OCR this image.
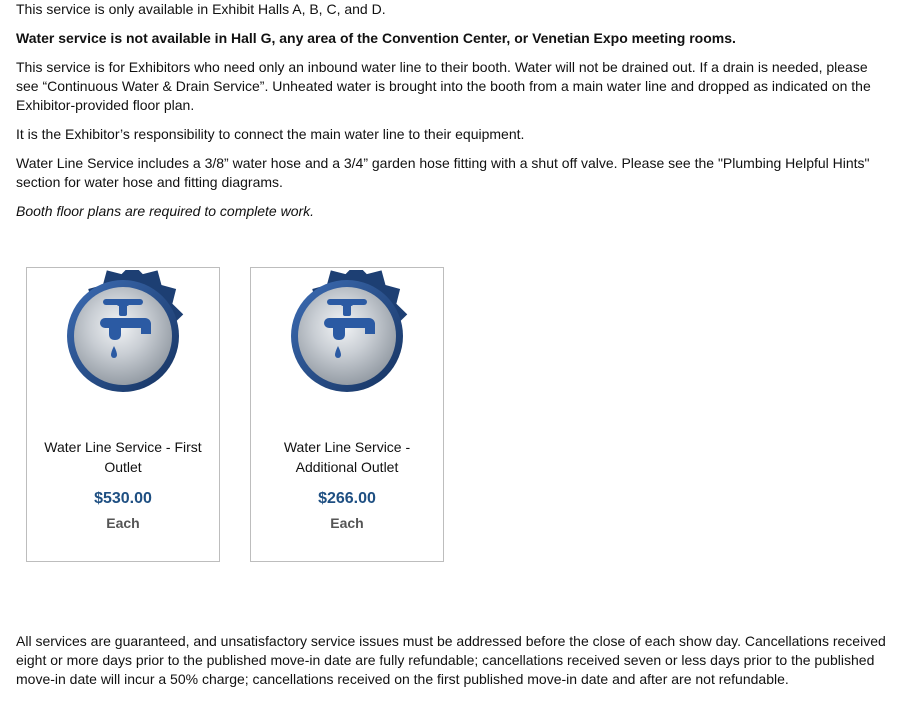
This service is only available in Exhibit Halls A, B, C, and D.

Water service is not available in Hall G, any area of the Convention Center, or Venetian Expo meeting rooms.

This service is for Exhibitors who need only an inbound water line to their booth. Water will not be drained out. If a drain is needed, please see “Continuous Water & Drain Service”. Unheated water is brought into the booth from a main water line and dropped as indicated on the Exhibitor-provided floor plan.

It is the Exhibitor’s responsibility to connect the main water line to their equipment.

Water Line Service includes a 3/8” water hose and a 3/4” garden hose fitting with a shut off valve. Please see the "Plumbing Helpful Hints" section for water hose and fitting diagrams.

Booth floor plans are required to complete work.

Water Line Service - First Outlet
$530.00
Each
Water Line Service - Additional Outlet
$266.00
Each
All services are guaranteed, and unsatisfactory service issues must be addressed before the close of each show day. Cancellations received eight or more days prior to the published move-in date are fully refundable; cancellations received seven or less days prior to the published move-in date will incur a 50% charge; cancellations received on the first published move-in date and after are not refundable.
